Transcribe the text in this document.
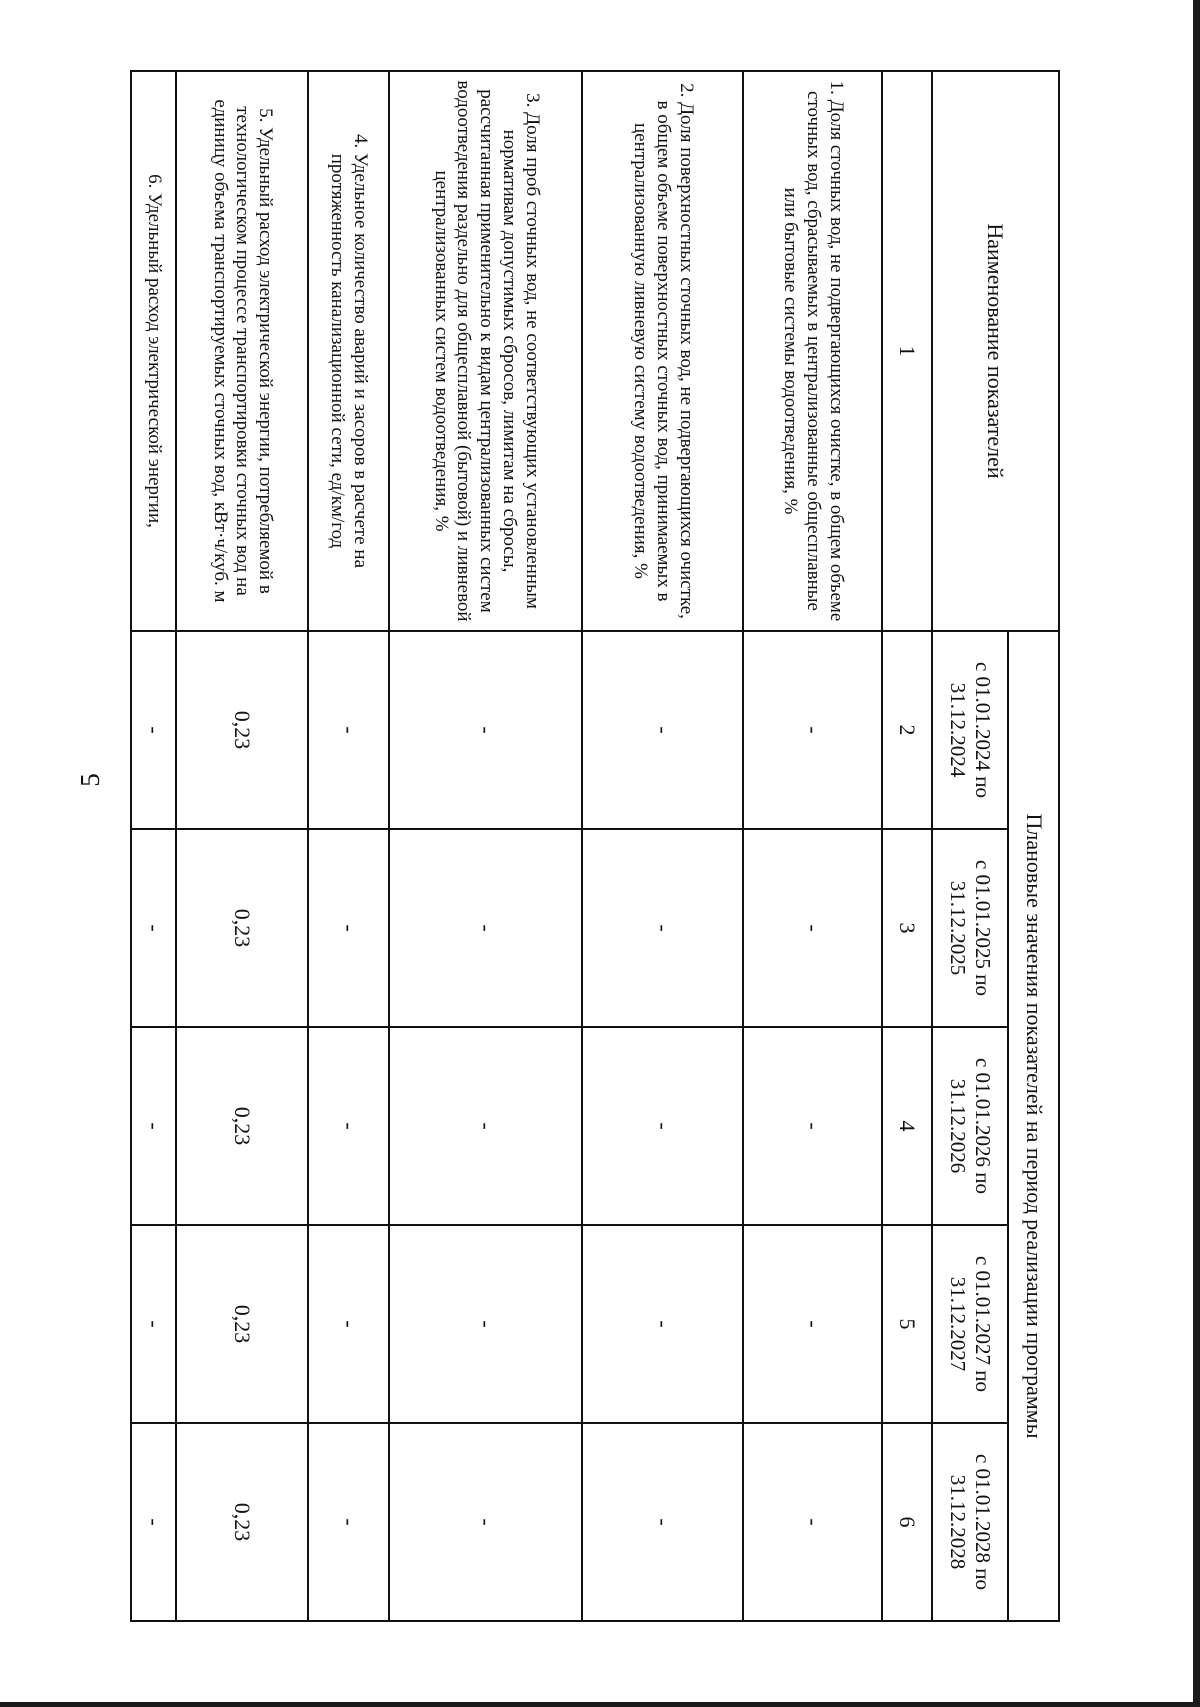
5
Наименование показателей	Плановые значения показателей на период реализации программы				
	с 01.01.2024 по 31.12.2024	с 01.01.2025 по 31.12.2025	с 01.01.2026 по 31.12.2026	с 01.01.2027 по 31.12.2027	с 01.01.2028 по 31.12.2028
1	2	3	4	5	6
1. Доля сточных вод, не подвергающихся очистке, в общем объеме сточных вод, сбрасываемых в централизованные общесплавные или бытовые системы водоотведения, %	-	-	-	-	-
2. Доля поверхностных сточных вод, не подвергающихся очистке, в общем объеме поверхностных сточных вод, принимаемых в централизованную ливневую систему водоотведения, %	-	-	-	-	-
3. Доля проб сточных вод, не соответствующих установленным нормативам допустимых сбросов, лимитам на сбросы, рассчитанная применительно к видам централизованных систем водоотведения раздельно для общесплавной (бытовой) и ливневой централизованных систем водоотведения, %	-	-	-	-	-
4. Удельное количество аварий и засоров в расчете на протяженность канализационной сети, ед/км/год	-	-	-	-	-
5. Удельный расход электрической энергии, потребляемой в технологическом процессе транспортировки сточных вод на единицу объема транспортируемых сточных вод, кВт·ч/куб. м	0,23	0,23	0,23	0,23	0,23
6. Удельный расход электрической энергии,	-	-	-	-	-
